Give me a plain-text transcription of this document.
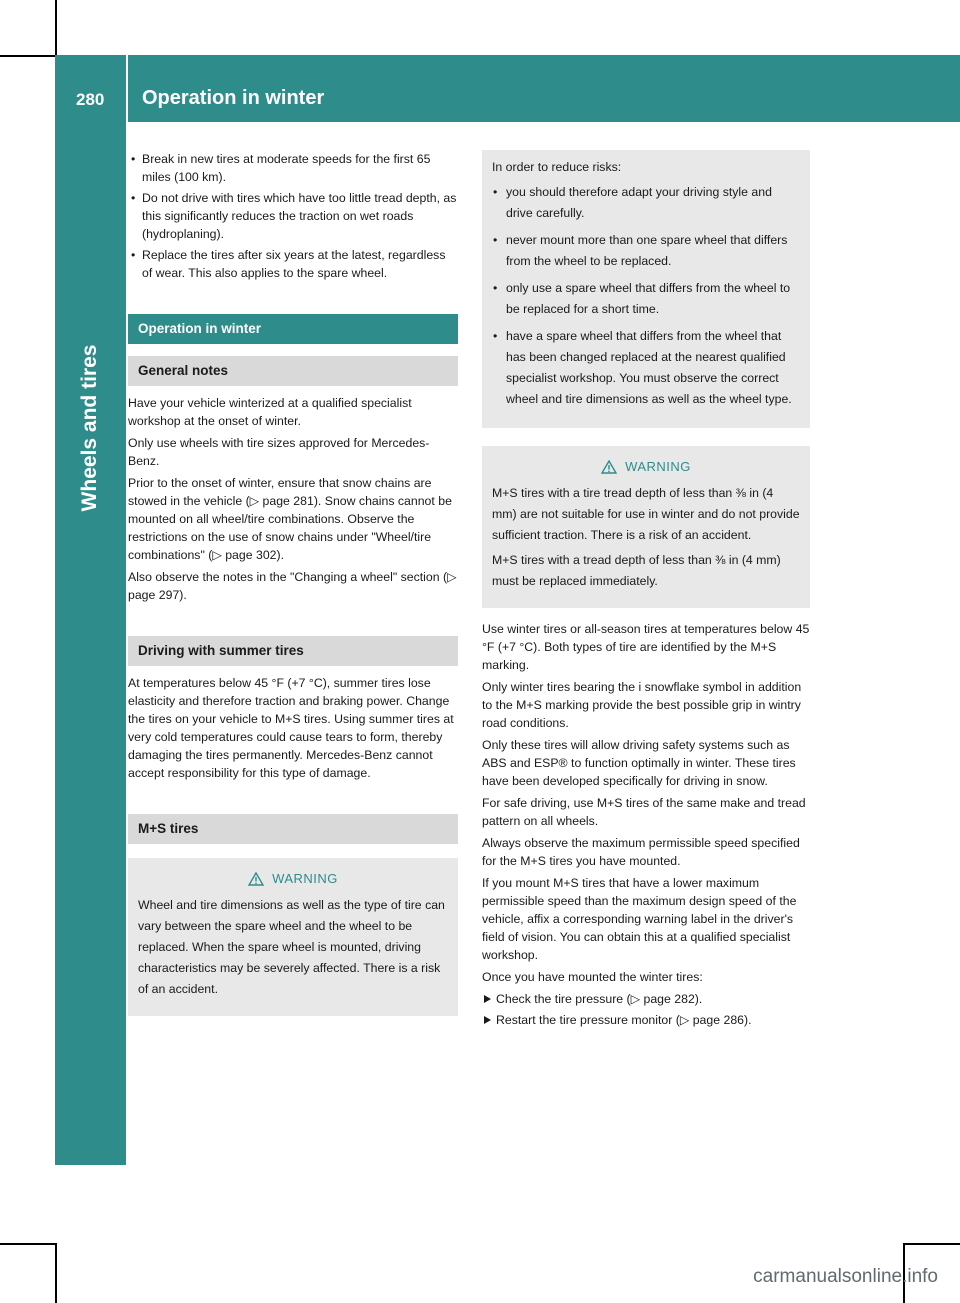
280 Operation in winter
Wheels and tires
• Break in new tires at moderate speeds for the first 65 miles (100 km).
• Do not drive with tires which have too little tread depth, as this significantly reduces the traction on wet roads (hydroplaning).
• Replace the tires after six years at the latest, regardless of wear. This also applies to the spare wheel.
Operation in winter
General notes

Have your vehicle winterized at a qualified specialist workshop at the onset of winter.

Only use wheels with tire sizes approved for Mercedes-Benz.

Prior to the onset of winter, ensure that snow chains are stowed in the vehicle (▷ page 281). Snow chains cannot be mounted on all wheel/tire combinations. Observe the restrictions on the use of snow chains under "Wheel/tire combinations" (▷ page 302).

Also observe the notes in the "Changing a wheel" section (▷ page 297).

Driving with summer tires

At temperatures below 45 °F (+7 °C), summer tires lose elasticity and therefore traction and braking power. Change the tires on your vehicle to M+S tires. Using summer tires at very cold temperatures could cause tears to form, thereby damaging the tires permanently. Mercedes-Benz cannot accept responsibility for this type of damage.

M+S tires
WARNING

Wheel and tire dimensions as well as the type of tire can vary between the spare wheel and the wheel to be replaced. When the spare wheel is mounted, driving characteristics may be severely affected. There is a risk of an accident.

In order to reduce risks:

• you should therefore adapt your driving style and drive carefully.
• never mount more than one spare wheel that differs from the wheel to be replaced.
• only use a spare wheel that differs from the wheel to be replaced for a short time.
• have a spare wheel that differs from the wheel that has been changed replaced at the nearest qualified specialist workshop. You must observe the correct wheel and tire dimensions as well as the wheel type.
WARNING

M+S tires with a tire tread depth of less than ⅜ in (4 mm) are not suitable for use in winter and do not provide sufficient traction. There is a risk of an accident.

M+S tires with a tread depth of less than ⅜ in (4 mm) must be replaced immediately.

Use winter tires or all-season tires at temperatures below 45 °F (+7 °C). Both types of tire are identified by the M+S marking.

Only winter tires bearing the i snowflake symbol in addition to the M+S marking provide the best possible grip in wintry road conditions.

Only these tires will allow driving safety systems such as ABS and ESP® to function optimally in winter. These tires have been developed specifically for driving in snow.

For safe driving, use M+S tires of the same make and tread pattern on all wheels.

Always observe the maximum permissible speed specified for the M+S tires you have mounted.

If you mount M+S tires that have a lower maximum permissible speed than the maximum design speed of the vehicle, affix a corresponding warning label in the driver's field of vision. You can obtain this at a qualified specialist workshop.

Once you have mounted the winter tires:

Check the tire pressure (▷ page 282).
Restart the tire pressure monitor (▷ page 286).
carmanualsonline.info
